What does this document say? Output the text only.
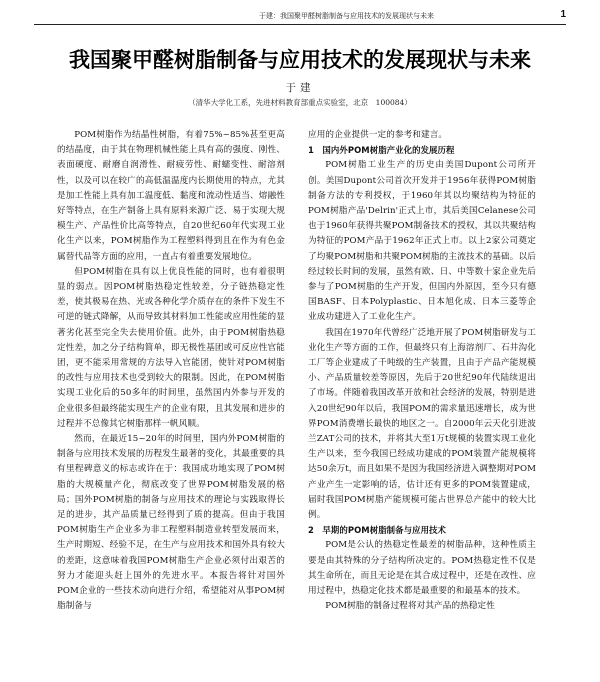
于建：我国聚甲醛树脂制备与应用技术的发展现状与未来	1
我国聚甲醛树脂制备与应用技术的发展现状与未来
于建
（清华大学化工系，先进材料教育部重点实验室，北京　100084）

POM树脂作为结晶性树脂，有着75%~85%甚至更高的结晶度，由于其在物理机械性能上具有高的强度、刚性、表面硬度、耐磨自润滑性、耐疲劳性、耐蠕变性、耐溶剂性，以及可以在较广的高低温温度内长期使用的特点，尤其是加工性能上具有加工温度低、黏度和流动性适当、熔融性好等特点，在生产制备上具有原料来源广泛、易于实现大规模生产、产品性价比高等特点，自20世纪60年代实现工业化生产以来，POM树脂作为工程塑料得到且在作为有色金属替代品等方面的应用，一直占有着重要发展地位。

但POM树脂在具有以上优良性能的同时，也有着很明显的弱点。因POM树脂热稳定性较差，分子链热稳定性差，使其极易在热、光或各种化学介质存在的条件下发生不可逆的链式降解，从而导致其材料加工性能或应用性能的显著劣化甚至完全失去使用价值。此外，由于POM树脂热稳定性差，加之分子结构简单，即无极性基团或可反应性官能团，更不能采用常规的方法导入官能团，使针对POM树脂的改性与应用技术也受到较大的限制。因此，在POM树脂实现工业化后的50多年的时间里，虽然国内外参与开发的企业很多但最终能实现生产的企业有限，且其发展和进步的过程并不总像其它树脂那样一帆风顺。

然而，在最近15~20年的时间里，国内外POM树脂的制备与应用技术发展的历程发生最著的变化，其最重要的具有里程碑意义的标志或许在于：我国成功地实现了POM树脂的大规模量产化，彻底改变了世界POM树脂发展的格局；国外POM树脂的制备与应用技术的理论与实践取得长足的进步，其产品质量已经得到了质的提高。但由于我国POM树脂生产企业多为非工程塑料制造业转型发展而来，生产时期短、经验不足，在生产与应用技术和国外具有较大的差距，这意味着我国POM树脂生产企业必须付出艰苦的努力才能迎头赶上国外的先进水平。本报告将针对国外POM企业的一些技术动向进行介绍，希望能对从事POM树脂制备与

应用的企业提供一定的参考和建言。

1　国内外POM树脂产业化的发展历程

POM树脂工业生产的历史由美国Dupont公司所开创。美国Dupont公司首次开发并于1956年获得POM树脂制备方法的专利授权，于1960年其以均聚结构为特征的POM树脂产品'Delrin'正式上市，其后美国Celanese公司也于1960年获得共聚POM制备技术的授权，其以共聚结构为特征的POM产品于1962年正式上市。以上2家公司奠定了均聚POM树脂和共聚POM树脂的主流技术的基础。以后经过较长时间的发展，虽然有欧、日、中等数十家企业先后参与了POM树脂的生产开发，但国内外原因，至今只有德国BASF、日本Polyplastic、日本旭化成、日本三菱等企业成功建进入了工业化生产。

我国在1970年代曾经广泛地开展了POM树脂研发与工业化生产等方面的工作，但最终只有上海溶剂厂、石井沟化工厂等企业建成了千吨级的生产装置，且由于产品产能规模小、产品质量较差等原因，先后于20世纪90年代陆续退出了市场。伴随着我国改革开放和社会经济的发展，特别是进入20世纪90年以后，我国POM的需求量迅速增长，成为世界POM消费增长最快的地区之一。自2000年云天化引进波兰ZAT公司的技术，并将其大至1万t规模的装置实现工业化生产以来，至今我国已经成功建成的POM装置产能规模将达50余万t，而且如果不是因为我国经济进入调整期对POM产业产生一定影响的话，估计还有更多的POM装置建成，届时我国POM树脂产能规模可能占世界总产能中的较大比例。

2　早期的POM树脂制备与应用技术

POM是公认的热稳定性最差的树脂品种，这种性质主要是由其特殊的分子结构所决定的。POM热稳定性不仅是其生命所在，而且无论是在其合成过程中，还是在改性、应用过程中，热稳定化技术都是最重要的和最基本的技术。

POM树脂的制备过程将对其产品的热稳定性
